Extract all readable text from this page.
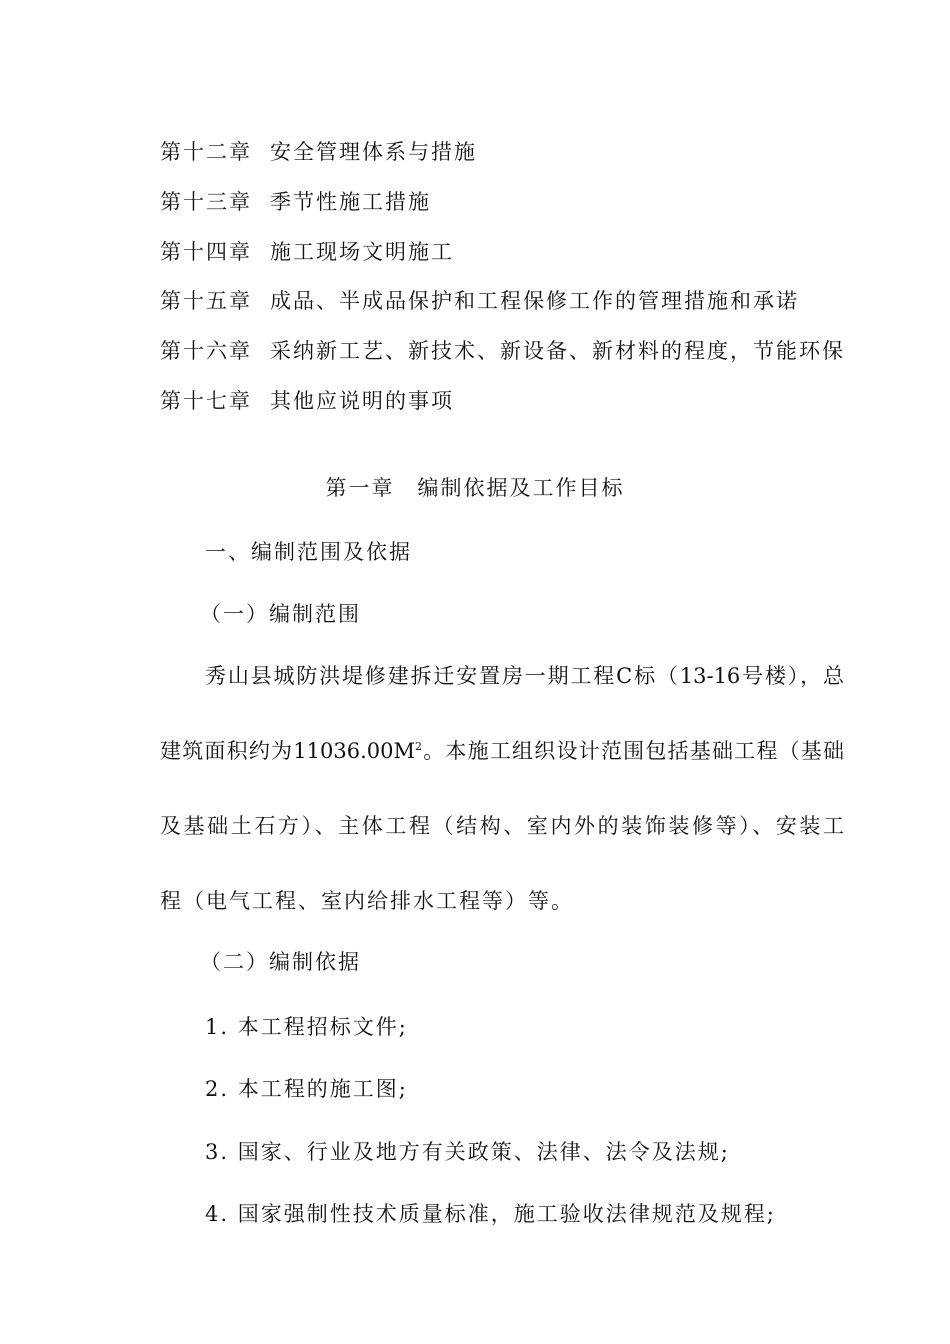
第十二章 安全管理体系与措施
第十三章 季节性施工措施
第十四章 施工现场文明施工
第十五章 成品、半成品保护和工程保修工作的管理措施和承诺
第十六章 采纳新工艺、新技术、新设备、新材料的程度，节能环保
第十七章 其他应说明的事项
第一章　编制依据及工作目标
一、编制范围及依据
（一）编制范围
秀山县城防洪堤修建拆迁安置房一期工程C标（13-16号楼），总
建筑面积约为$11036.00M^2$。本施工组织设计范围包括基础工程（基础
及基础土石方）、主体工程（结构、室内外的装饰装修等）、安装工
程（电气工程、室内给排水工程等）等。
（二）编制依据
1. 本工程招标文件;
2. 本工程的施工图;
3. 国家、行业及地方有关政策、法律、法令及法规;
4. 国家强制性技术质量标准，施工验收法律规范及规程;
